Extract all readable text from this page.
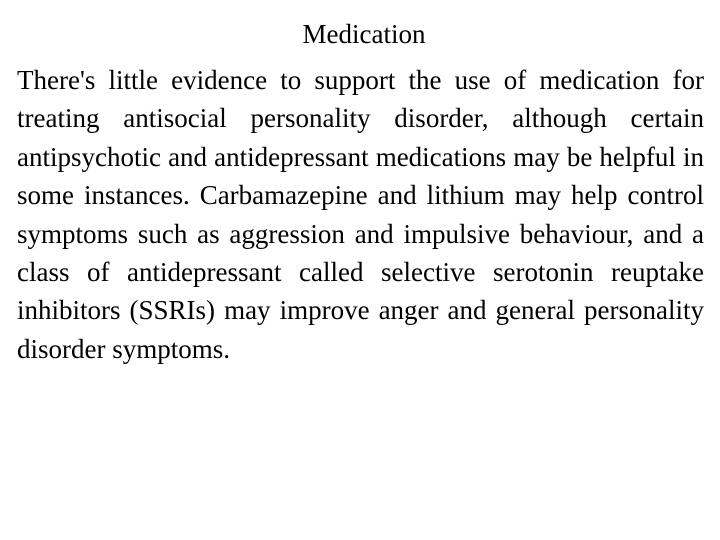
Medication

There's little evidence to support the use of medication for treating antisocial personality disorder, although certain antipsychotic and antidepressant medications may be helpful in some instances. Carbamazepine and lithium may help control symptoms such as aggression and impulsive behaviour, and a class of antidepressant called selective serotonin reuptake inhibitors (SSRIs) may improve anger and general personality disorder symptoms.
